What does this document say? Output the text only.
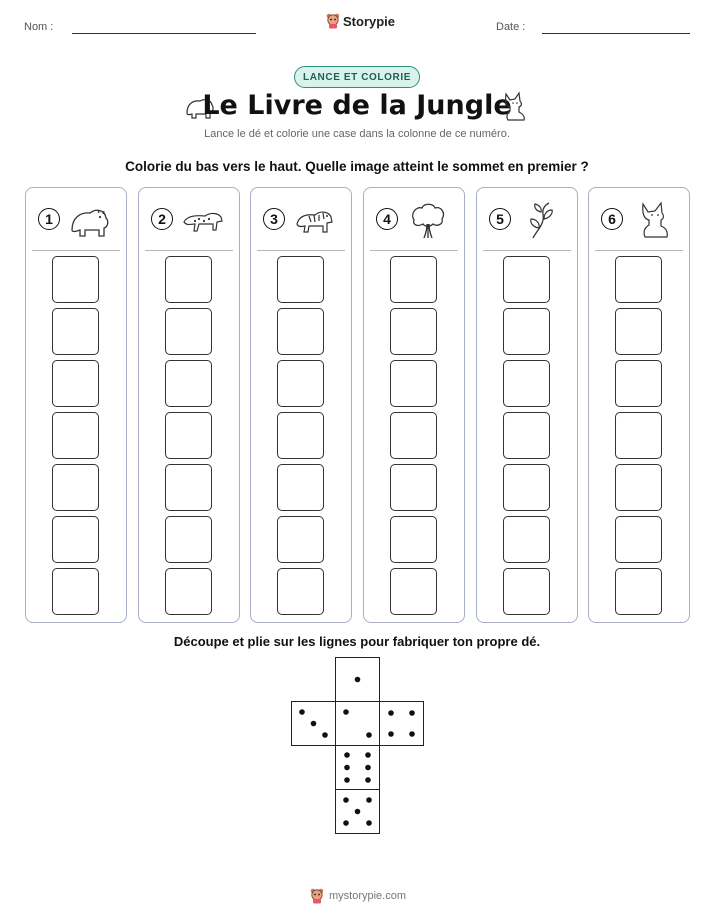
Nom :	Storypie	Date :
LANCE ET COLORIE
Le Livre de la Jungle
Lance le dé et colorie une case dans la colonne de ce numéro.
Colorie du bas vers le haut. Quelle image atteint le sommet en premier ?
1	2	3	4	5	6
Découpe et plie sur les lignes pour fabriquer ton propre dé.
mystorypie.com
